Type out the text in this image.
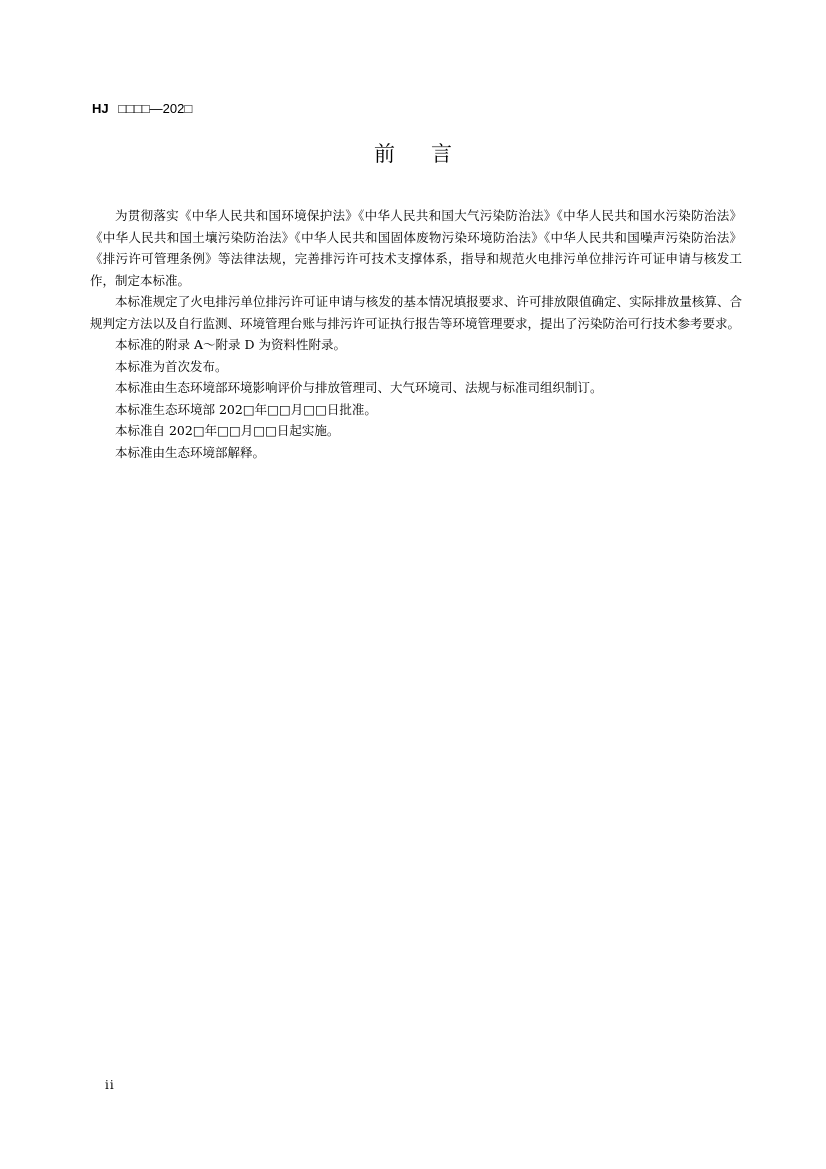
HJ □□□□—202□
前言

为贯彻落实《中华人民共和国环境保护法》《中华人民共和国大气污染防治法》《中华人民共和国水污染防治法》《中华人民共和国土壤污染防治法》《中华人民共和国固体废物污染环境防治法》《中华人民共和国噪声污染防治法》《排污许可管理条例》等法律法规，完善排污许可技术支撑体系，指导和规范火电排污单位排污许可证申请与核发工作，制定本标准。

本标准规定了火电排污单位排污许可证申请与核发的基本情况填报要求、许可排放限值确定、实际排放量核算、合规判定方法以及自行监测、环境管理台账与排污许可证执行报告等环境管理要求，提出了污染防治可行技术参考要求。

本标准的附录 A～附录 D 为资料性附录。

本标准为首次发布。

本标准由生态环境部环境影响评价与排放管理司、大气环境司、法规与标准司组织制订。

本标准生态环境部 202□年□□月□□日批准。

本标准自 202□年□□月□□日起实施。

本标准由生态环境部解释。

ii
